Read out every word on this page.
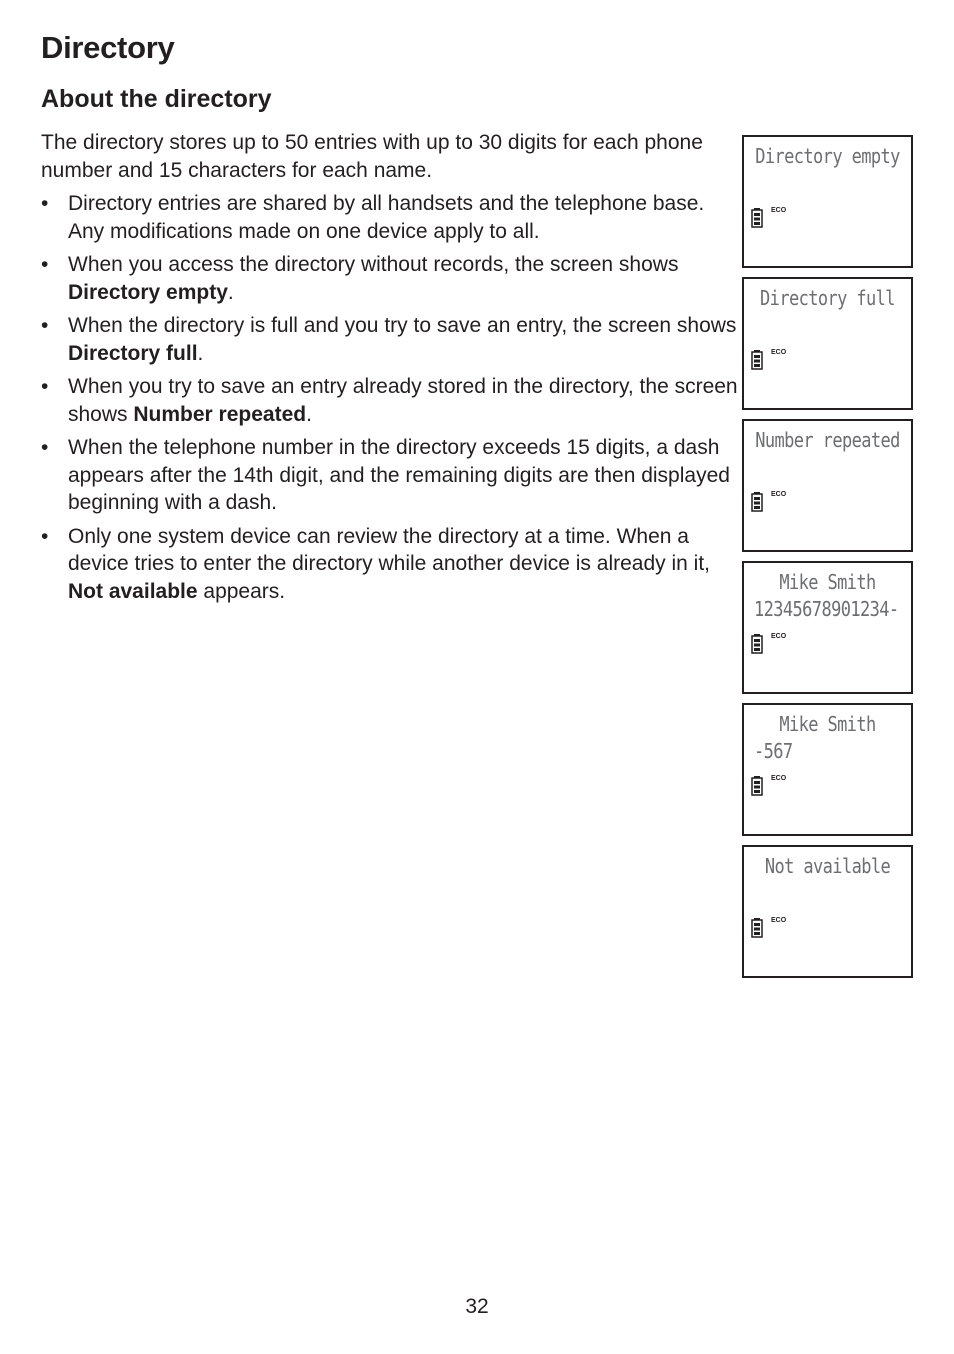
Directory
About the directory

The directory stores up to 50 entries with up to 30 digits for each phone number and 15 characters for each name.

• Directory entries are shared by all handsets and the telephone base. Any modifications made on one device apply to all.
• When you access the directory without records, the screen shows Directory empty.
• When the directory is full and you try to save an entry, the screen shows Directory full.
• When you try to save an entry already stored in the directory, the screen shows Number repeated.
• When the telephone number in the directory exceeds 15 digits, a dash appears after the 14th digit, and the remaining digits are then displayed beginning with a dash.
• Only one system device can review the directory at a time. When a device tries to enter the directory while another device is already in it, Not available appears.
Directory empty
ECO
Directory full
ECO
Number repeated
ECO
Mike Smith
12345678901234-
ECO
Mike Smith
-567
ECO
Not available
ECO
32
